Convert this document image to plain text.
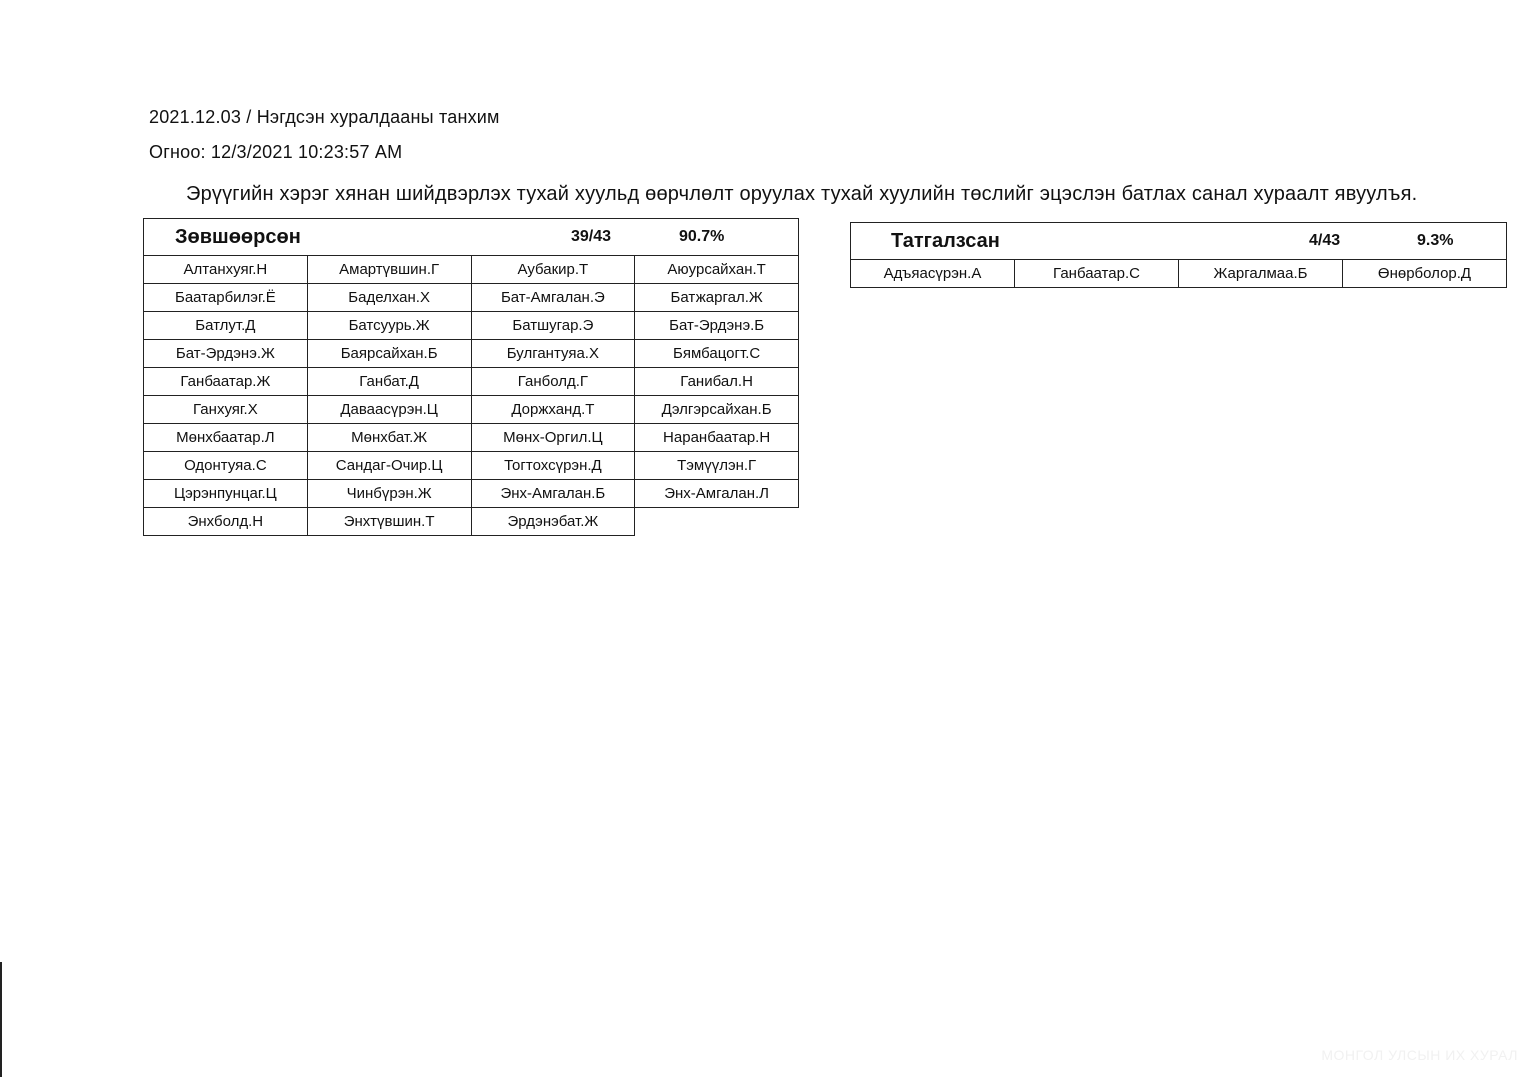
2021.12.03 / Нэгдсэн хуралдааны танхим
Огноо: 12/3/2021 10:23:57 AM
Эрүүгийн хэрэг хянан шийдвэрлэх тухай хуульд өөрчлөлт оруулах тухай хуулийн төслийг эцэслэн батлах санал хураалт явуулъя.
Зөвшөөрсөн 39/43 90.7%			

Алтанхуяг.Н	Амартүвшин.Г	Аубакир.Т	Аюурсайхан.Т
Баатарбилэг.Ё	Баделхан.Х	Бат-Амгалан.Э	Батжаргал.Ж
Батлут.Д	Батсуурь.Ж	Батшугар.Э	Бат-Эрдэнэ.Б
Бат-Эрдэнэ.Ж	Баярсайхан.Б	Булгантуяа.Х	Бямбацогт.С
Ганбаатар.Ж	Ганбат.Д	Ганболд.Г	Ганибал.Н
Ганхуяг.Х	Даваасүрэн.Ц	Доржханд.Т	Дэлгэрсайхан.Б
Мөнхбаатар.Л	Мөнхбат.Ж	Мөнх-Оргил.Ц	Наранбаатар.Н
Одонтуяа.С	Сандаг-Очир.Ц	Тогтохсүрэн.Д	Тэмүүлэн.Г
Цэрэнпунцаг.Ц	Чинбүрэн.Ж	Энх-Амгалан.Б	Энх-Амгалан.Л
Энхболд.Н	Энхтүвшин.Т	Эрдэнэбат.Ж	
Татгалзсан	4/43	9.3%

Адъяасүрэн.А	Ганбаатар.С	Жаргалмаа.Б	Өнөрболор.Д
МОНГОЛ УЛСЫН ИХ ХУРАЛ
